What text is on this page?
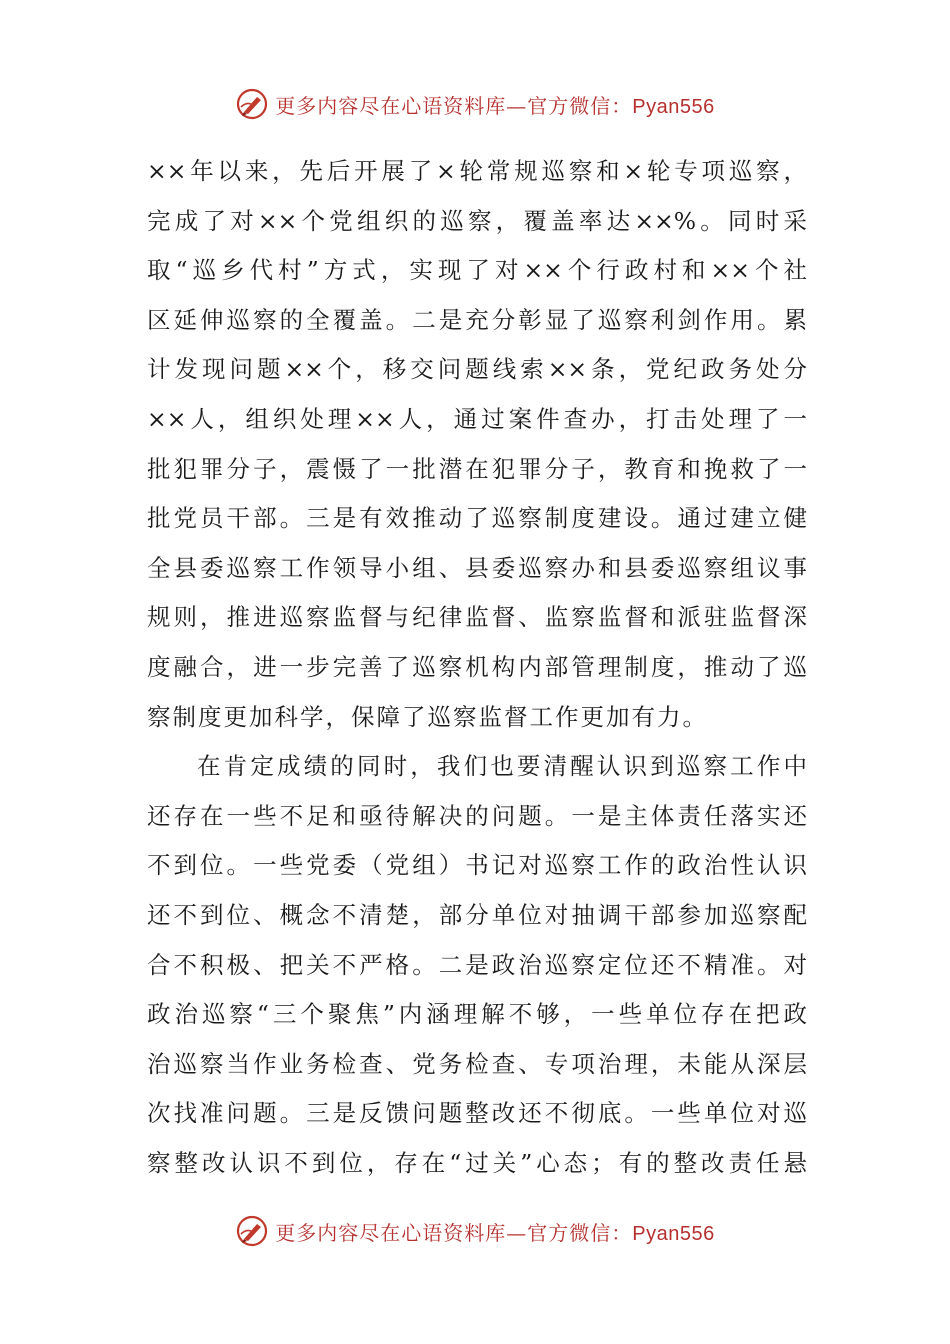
更多内容尽在心语资料库—官方微信：Pyan556
××年以来，先后开展了×轮常规巡察和×轮专项巡察，
完成了对××个党组织的巡察，覆盖率达××%。同时采
取“巡乡代村”方式，实现了对××个行政村和××个社
区延伸巡察的全覆盖。二是充分彰显了巡察利剑作用。累
计发现问题××个，移交问题线索××条，党纪政务处分
××人，组织处理××人，通过案件查办，打击处理了一
批犯罪分子，震慑了一批潜在犯罪分子，教育和挽救了一
批党员干部。三是有效推动了巡察制度建设。通过建立健
全县委巡察工作领导小组、县委巡察办和县委巡察组议事
规则，推进巡察监督与纪律监督、监察监督和派驻监督深
度融合，进一步完善了巡察机构内部管理制度，推动了巡
察制度更加科学，保障了巡察监督工作更加有力。
在肯定成绩的同时，我们也要清醒认识到巡察工作中
还存在一些不足和亟待解决的问题。一是主体责任落实还
不到位。一些党委（党组）书记对巡察工作的政治性认识
还不到位、概念不清楚，部分单位对抽调干部参加巡察配
合不积极、把关不严格。二是政治巡察定位还不精准。对
政治巡察“三个聚焦”内涵理解不够，一些单位存在把政
治巡察当作业务检查、党务检查、专项治理，未能从深层
次找准问题。三是反馈问题整改还不彻底。一些单位对巡
察整改认识不到位，存在“过关”心态；有的整改责任悬
更多内容尽在心语资料库—官方微信：Pyan556
